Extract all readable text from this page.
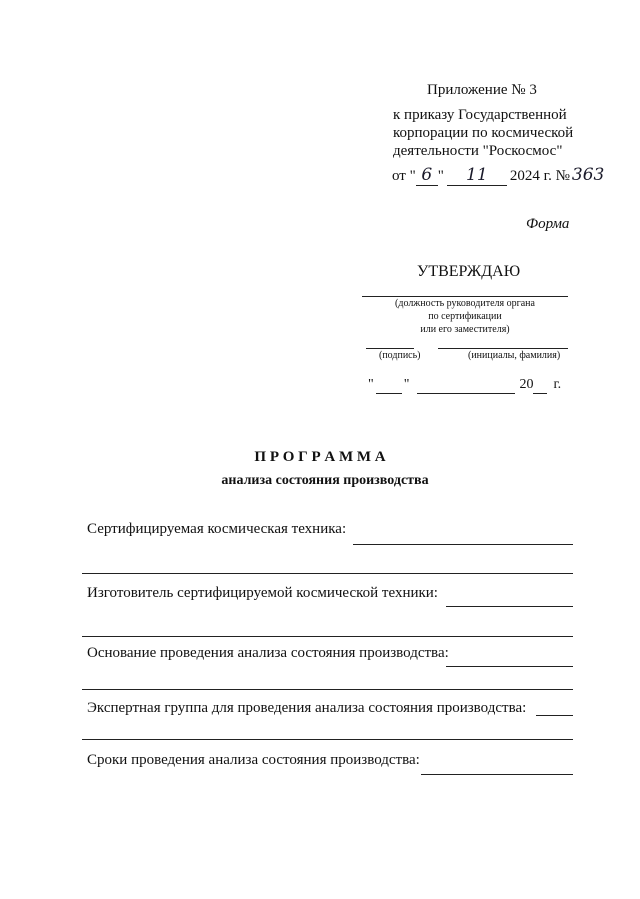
Приложение № 3
к приказу Государственной
корпорации по космической
деятельности "Роскосмос"
от " 6 " 11 2024 г. № 363
Форма
УТВЕРЖДАЮ
(должность руководителя органа
по сертификации
или его заместителя)
(подпись)	(инициалы, фамилия)
" "	20 г.
П Р О Г Р А М М А
анализа состояния производства
Сертифицируемая космическая техника:
Изготовитель сертифицируемой космической техники:
Основание проведения анализа состояния производства:
Экспертная группа для проведения анализа состояния производства:
Сроки проведения анализа состояния производства:
